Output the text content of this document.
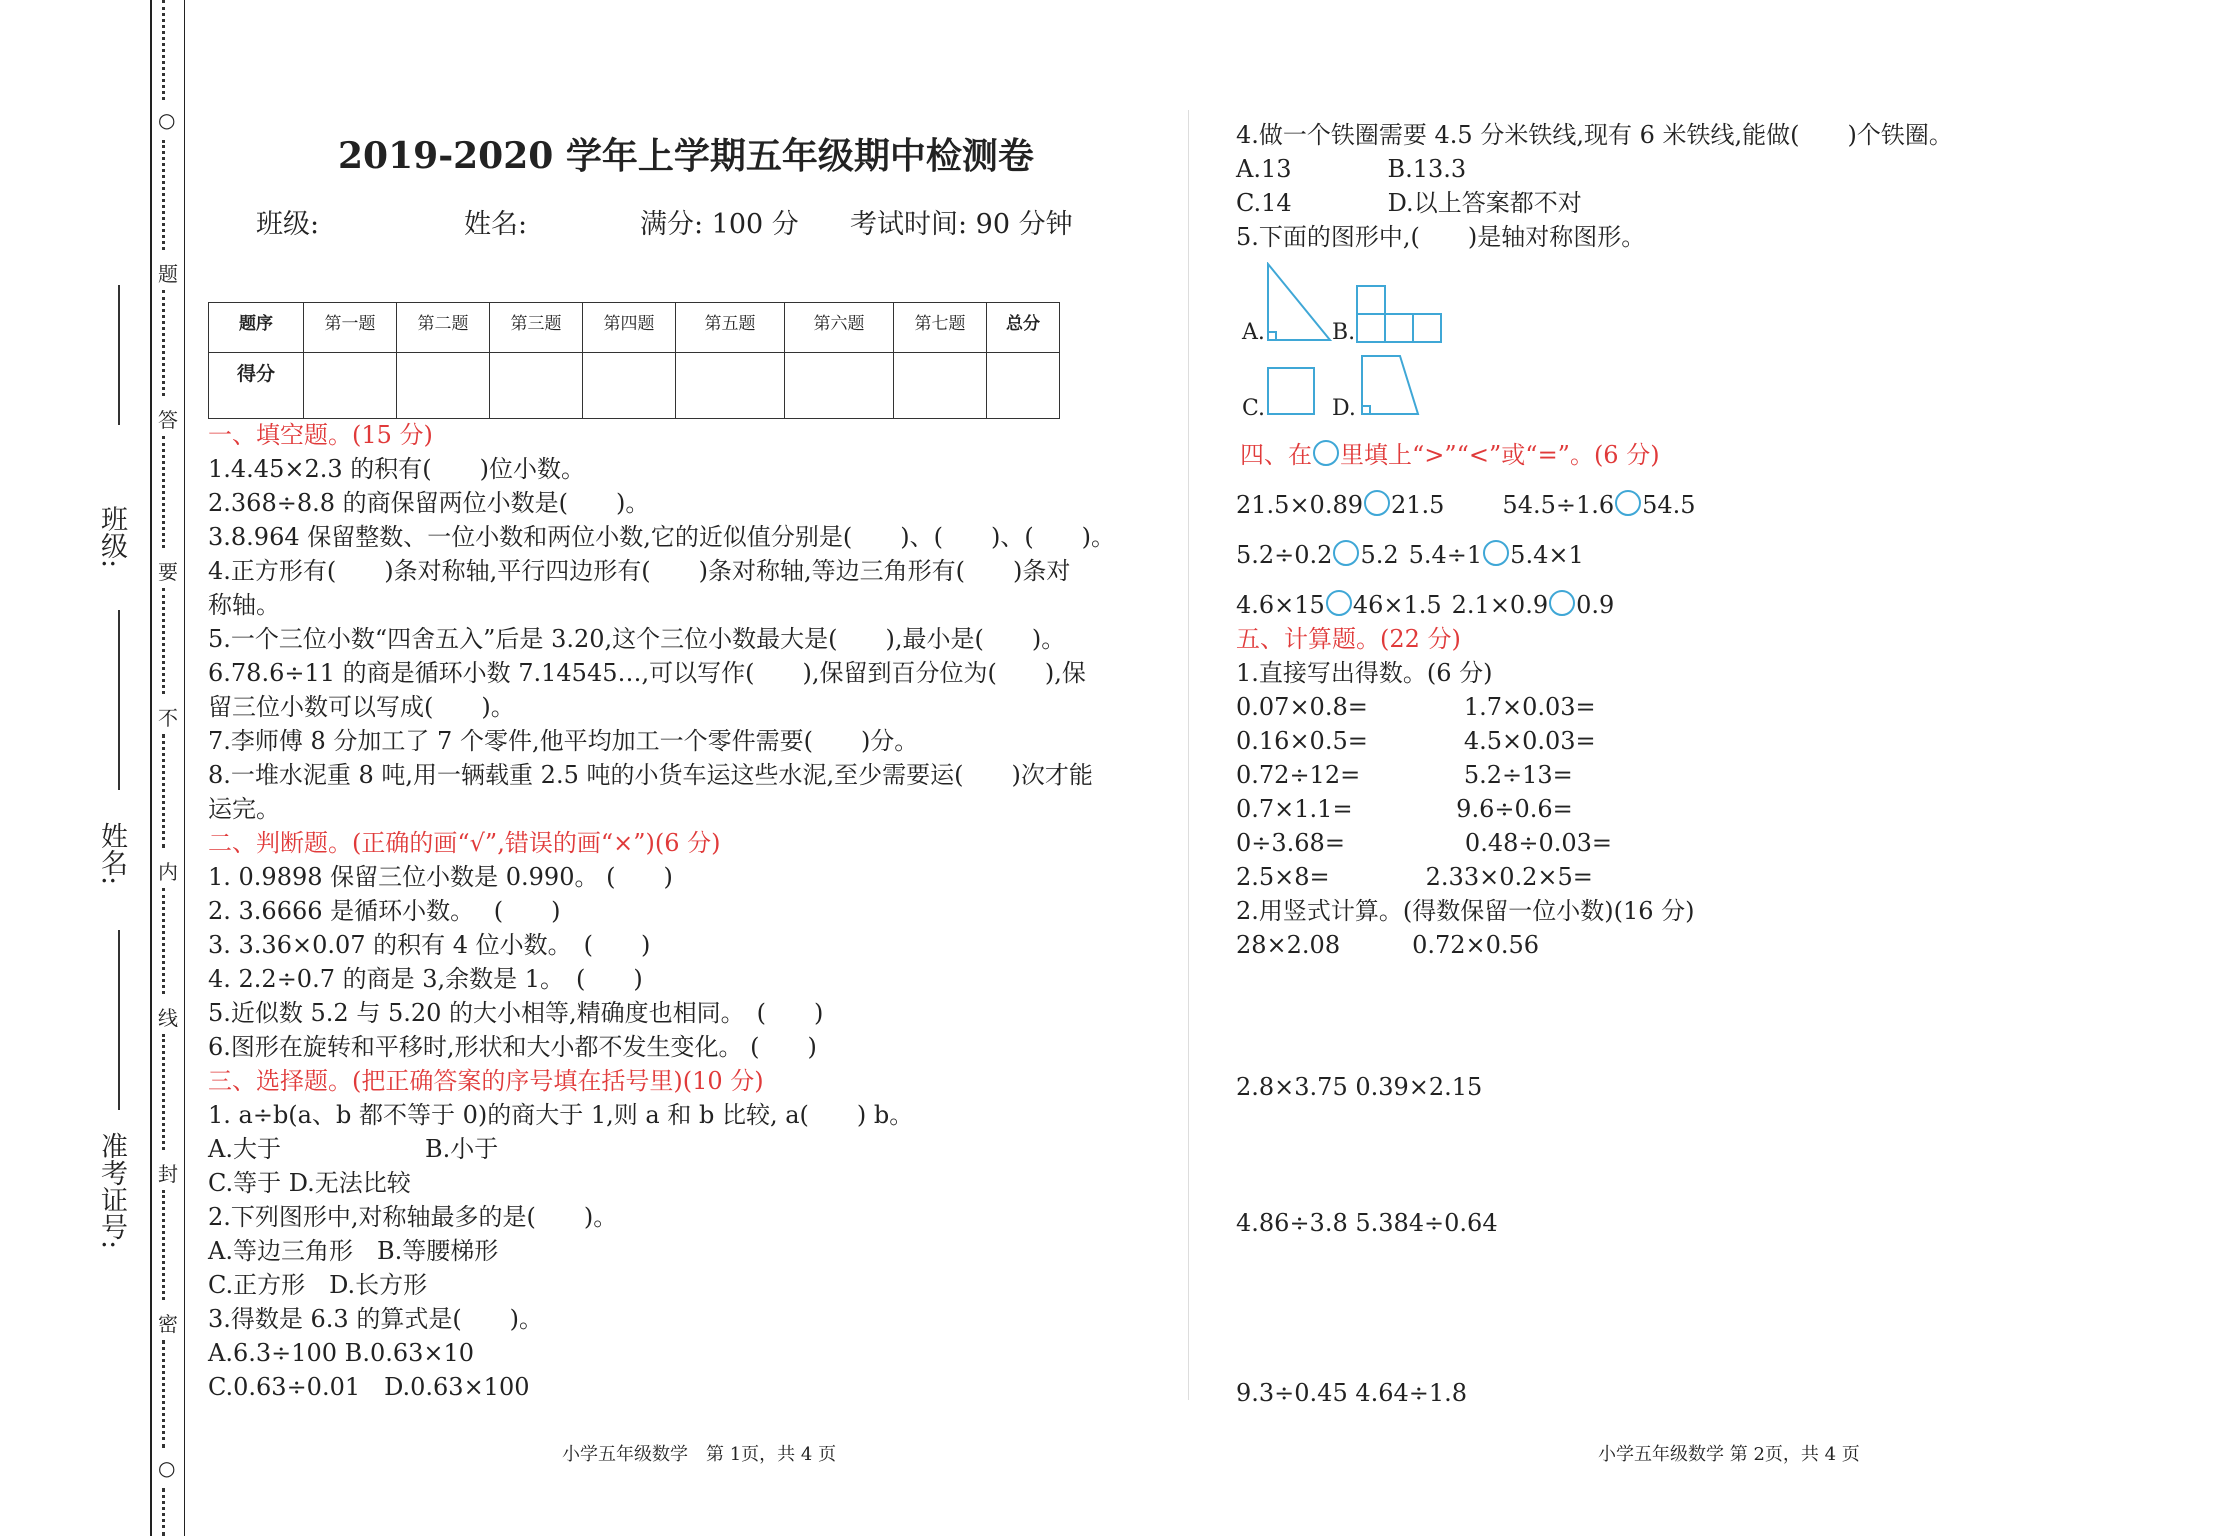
○
题
答
要
不
内
线
封
密
○
班级:
姓名:
准考证号:
2019-2020 学年上学期五年级期中检测卷
班级:	姓名:	满分: 100 分 考试时间: 90 分钟
题序	第一题	第二题	第三题	第四题	第五题	第六题	第七题	总分
得分								
一、填空题。(15 分)
1.4.45×2.3 的积有(　　)位小数。
2.368÷8.8 的商保留两位小数是(　　)。
3.8.964 保留整数、一位小数和两位小数,它的近似值分别是(　　)、(　　)、(　　)。
4.正方形有(　　)条对称轴,平行四边形有(　　)条对称轴,等边三角形有(　　)条对
称轴。
5.一个三位小数“四舍五入”后是 3.20,这个三位小数最大是(　　),最小是(　　)。
6.78.6÷11 的商是循环小数 7.14545…,可以写作(　　),保留到百分位为(　　),保
留三位小数可以写成(　　)。
7.李师傅 8 分加工了 7 个零件,他平均加工一个零件需要(　　)分。
8.一堆水泥重 8 吨,用一辆载重 2.5 吨的小货车运这些水泥,至少需要运(　　)次才能
运完。
二、判断题。(正确的画“√”,错误的画“×”)(6 分)
1. 0.9898 保留三位小数是 0.990。 (　　)
2. 3.6666 是循环小数。　 (　　)
3. 3.36×0.07 的积有 4 位小数。　(　　)
4. 2.2÷0.7 的商是 3,余数是 1。　(　　)
5.近似数 5.2 与 5.20 的大小相等,精确度也相同。　(　　)
6.图形在旋转和平移时,形状和大小都不发生变化。 (　　)
三、选择题。(把正确答案的序号填在括号里)(10 分)
1. a÷b(a、b 都不等于 0)的商大于 1,则 a 和 b 比较, a(　　) b。
A.大于　　　　　　B.小于
C.等于 D.无法比较
2.下列图形中,对称轴最多的是(　　)。
A.等边三角形　B.等腰梯形
C.正方形　D.长方形
3.得数是 6.3 的算式是(　　)。
A.6.3÷100 B.0.63×10
C.0.63÷0.01　D.0.63×100
4.做一个铁圈需要 4.5 分米铁线,现有 6 米铁线,能做(　　)个铁圈。
A.13　　　　B.13.3
C.14　　　　D.以上答案都不对
5.下面的图形中,(　　)是轴对称图形。
A.	B.
C.	D.
四、在 里填上“>”“<”或“=”。(6 分)
21.5×0.89 21.5 54.5÷1.6 54.5
5.2÷0.2 5.2 5.4÷1 5.4×1
4.6×15 46×1.5 2.1×0.9 0.9
五、计算题。(22 分)
1.直接写出得数。(6 分)
0.07×0.8=　　　　1.7×0.03=
0.16×0.5=　　　　4.5×0.03=
0.72÷12=　　　　 5.2÷13=
0.7×1.1=　　　　 9.6÷0.6=
0÷3.68=　　　　　0.48÷0.03=
2.5×8=　　　　2.33×0.2×5=
2.用竖式计算。(得数保留一位小数)(16 分)
28×2.08　　　0.72×0.56
2.8×3.75 0.39×2.15
4.86÷3.8 5.384÷0.64
9.3÷0.45 4.64÷1.8
小学五年级数学　第 1页，共 4 页	小学五年级数学 第 2页，共 4 页
